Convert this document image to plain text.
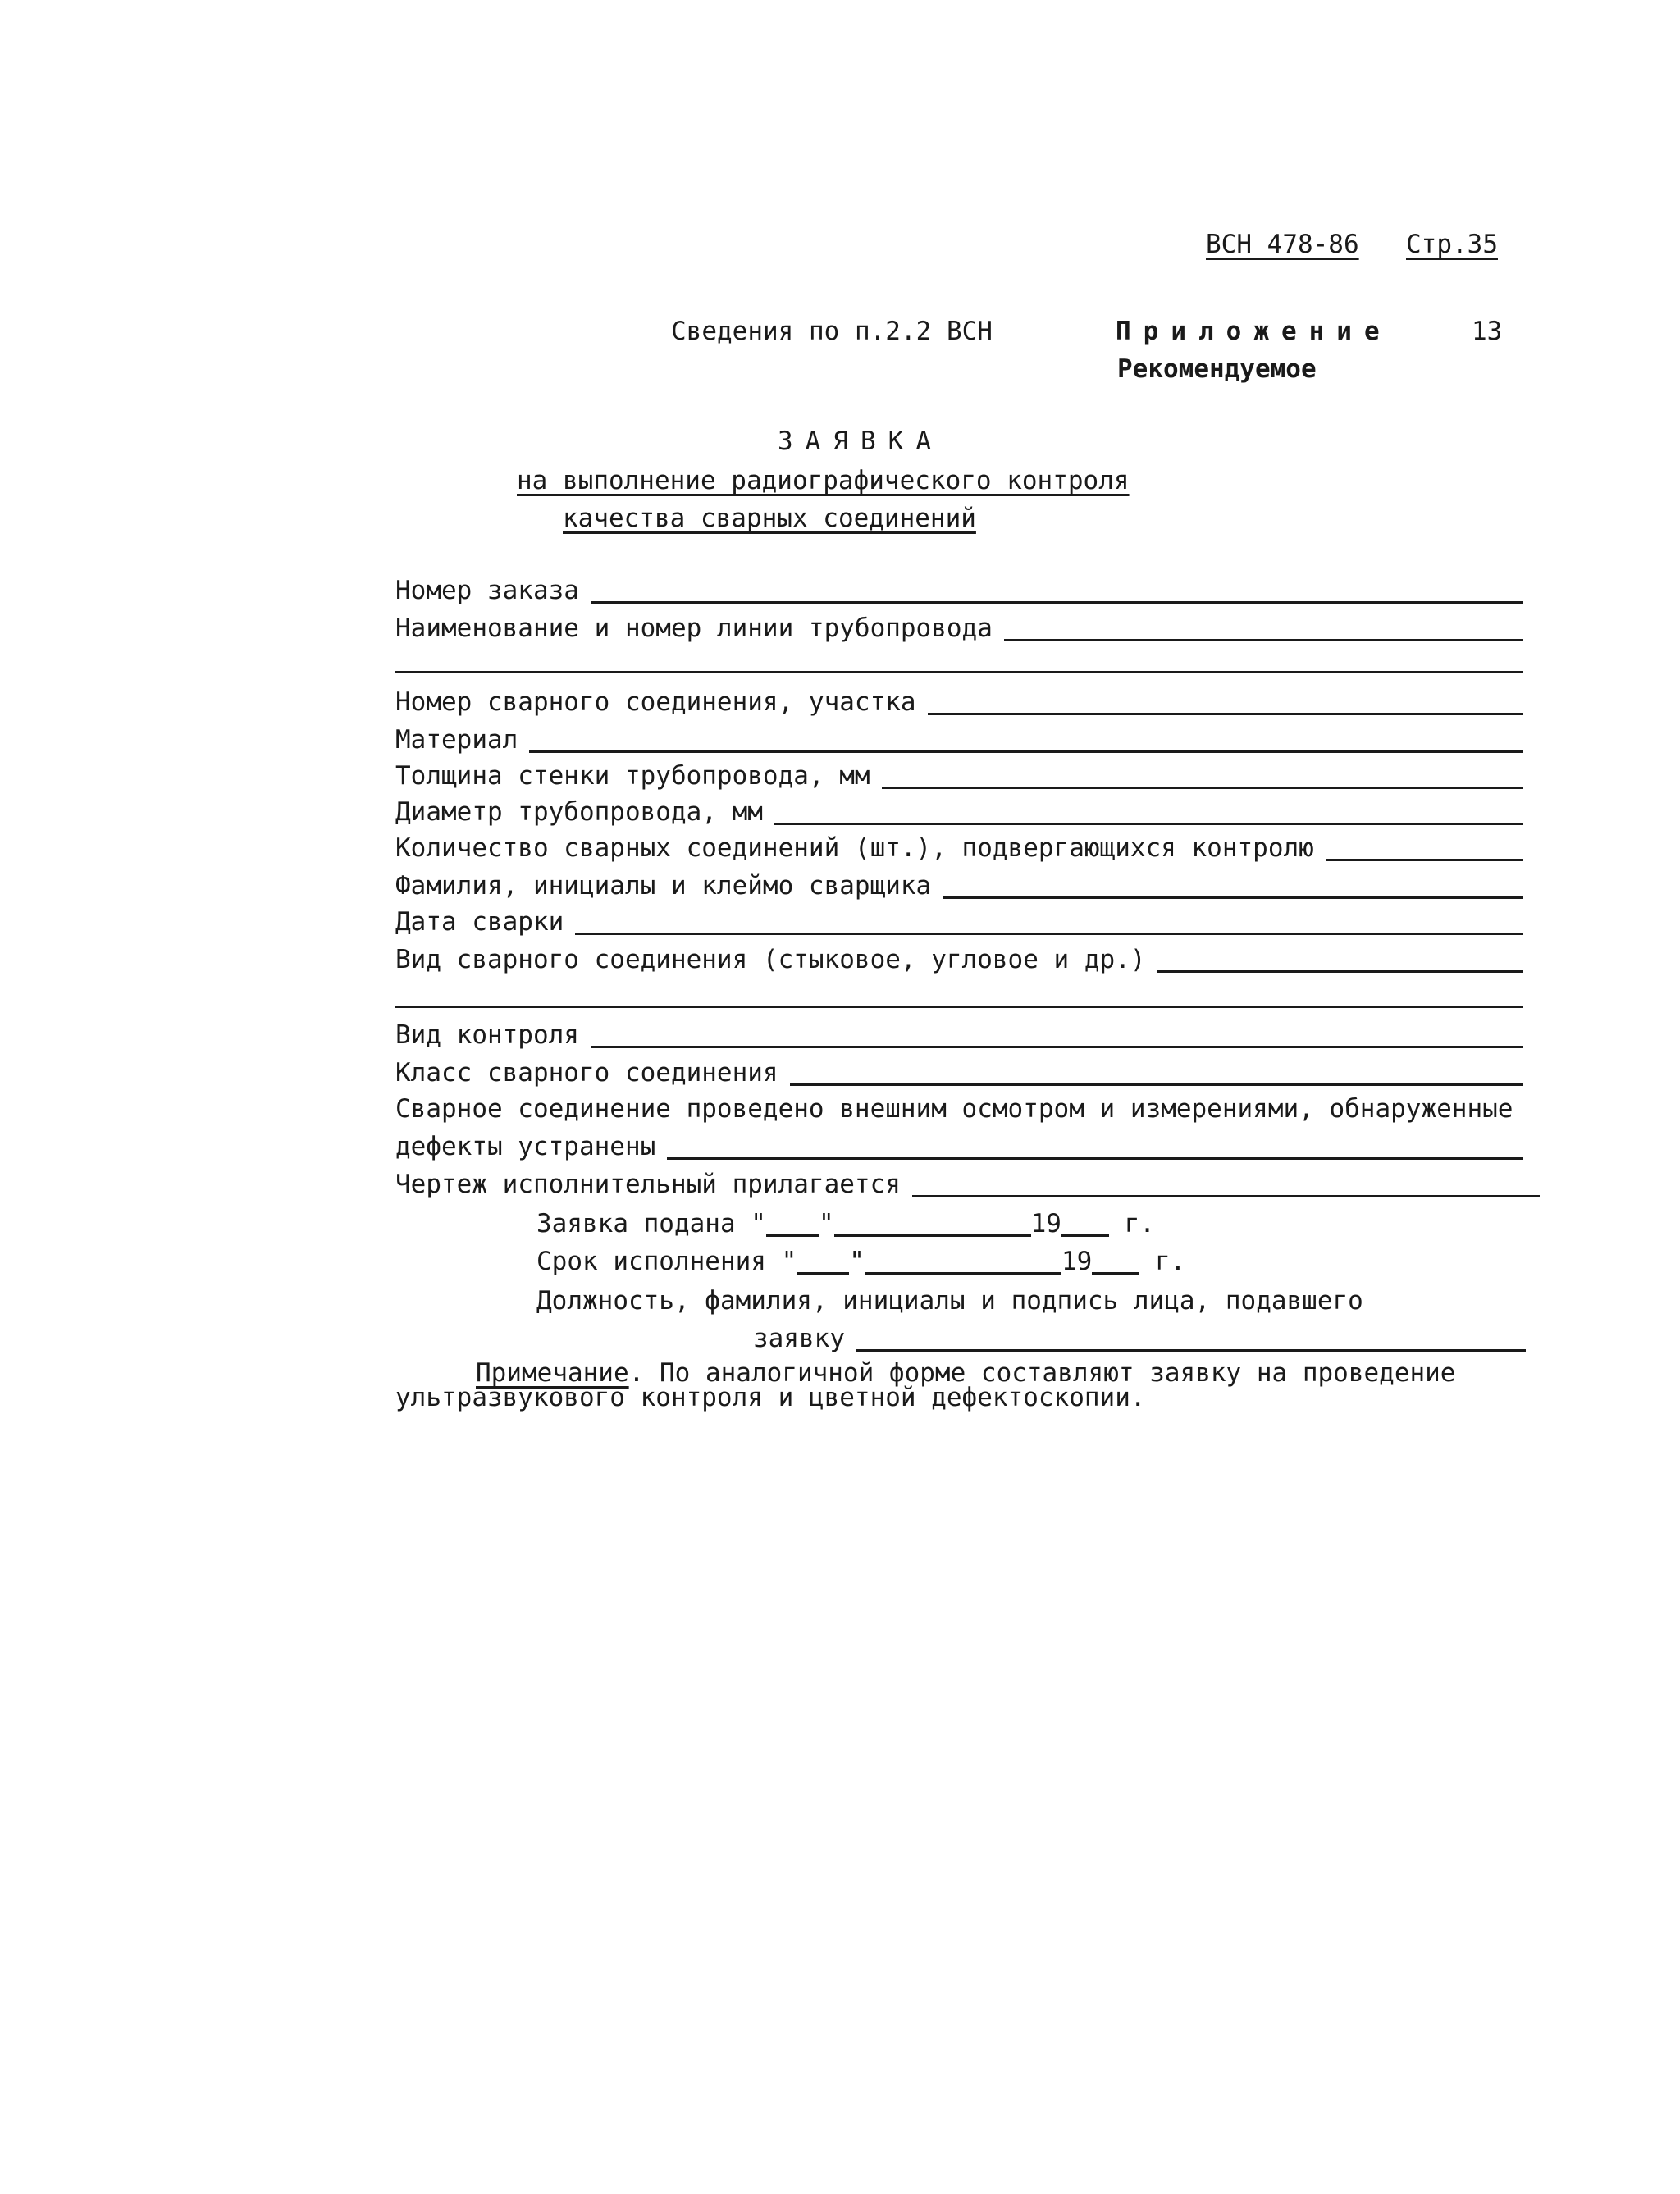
ВСН 478-86 Стр.35
Сведения по п.2.2 ВСН	Приложение	13
Рекомендуемое
ЗАЯВКА
на выполнение радиографического контроля
качества сварных соединений
Номер заказа
Наименование и номер линии трубопровода
Номер сварного соединения, участка
Материал
Толщина стенки трубопровода, мм
Диаметр трубопровода, мм
Количество сварных соединений (шт.), подвергающихся контролю
Фамилия, инициалы и клеймо сварщика
Дата сварки
Вид сварного соединения (стыковое, угловое и др.)
Вид контроля
Класс сварного соединения
Сварное соединение проведено внешним осмотром и измерениями, обнаруженные
дефекты устранены
Чертеж исполнительный прилагается
Заявка подана " "	19
г.
Срок исполнения " "	19
г.
Должность, фамилия, инициалы и подпись лица, подавшего
заявку
Примечание. По аналогичной форме составляют заявку на проведение
ультразвукового контроля и цветной дефектоскопии.
